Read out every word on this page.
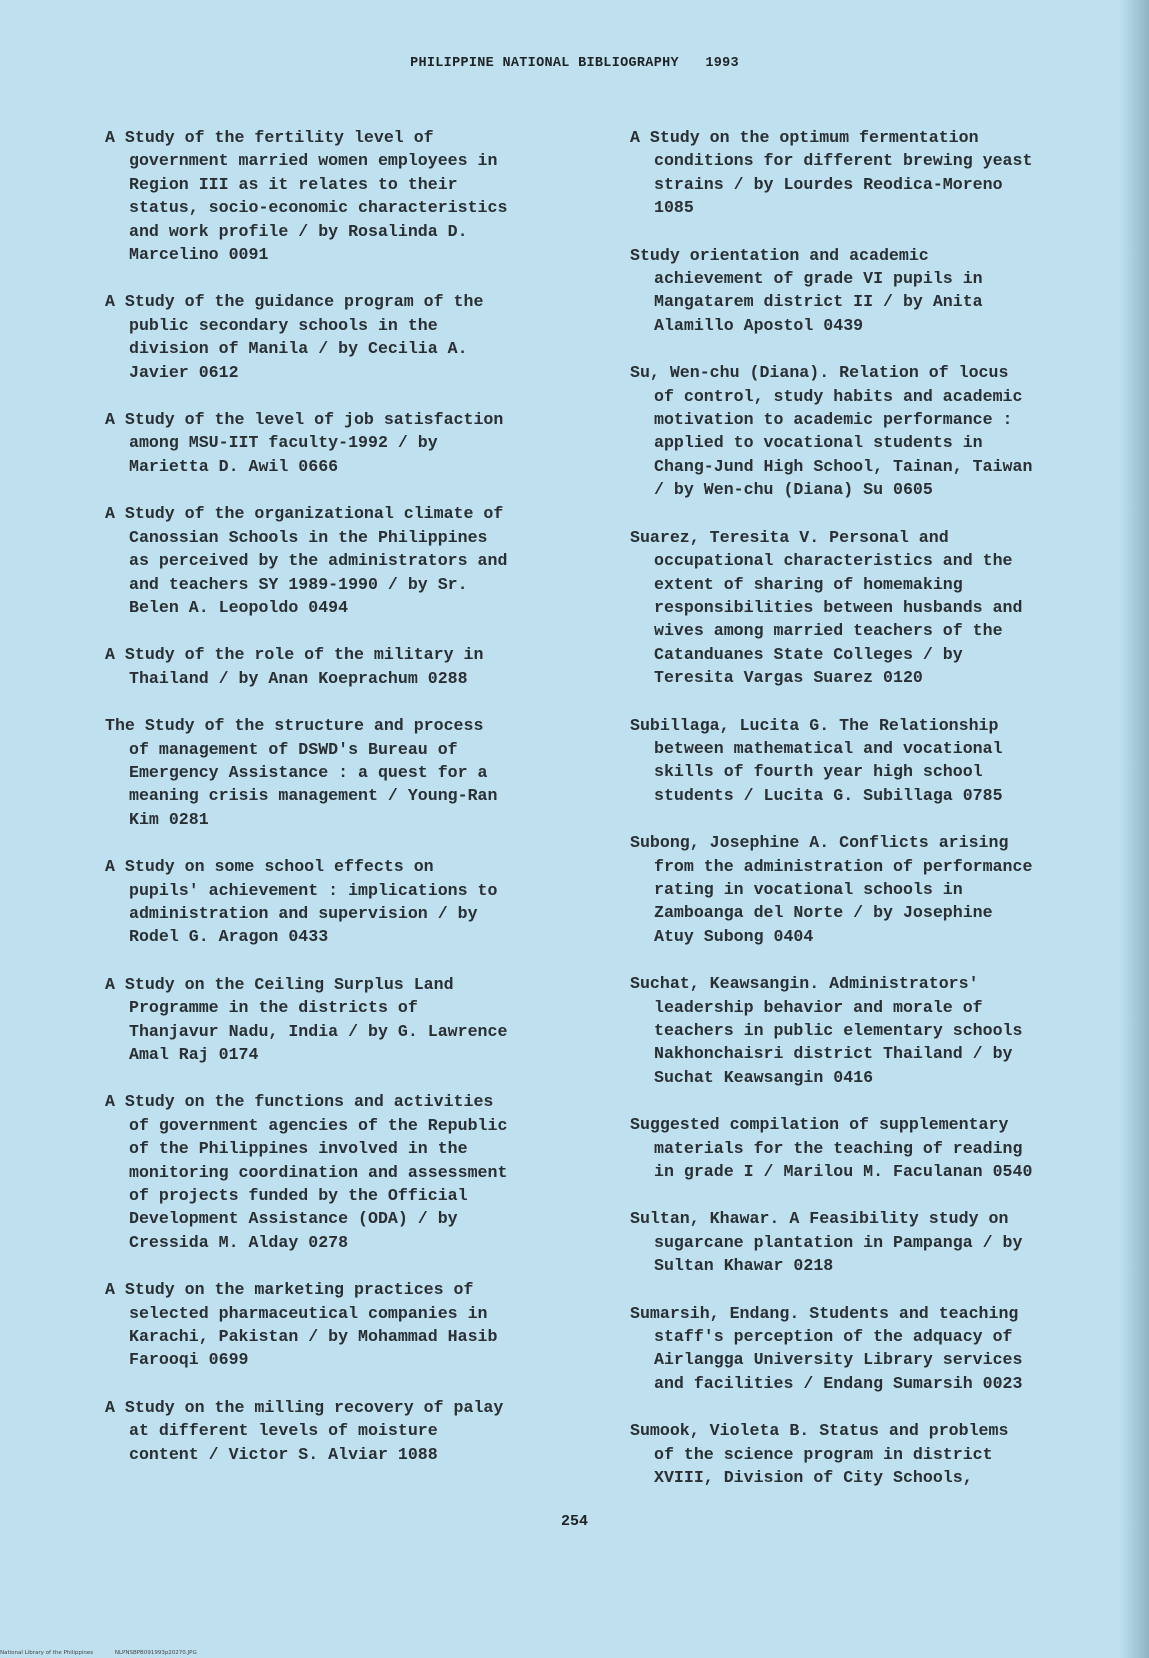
PHILIPPINE NATIONAL BIBLIOGRAPHY 1993

A Study of the fertility level of
government married women employees in
Region III as it relates to their
status, socio-economic characteristics
and work profile / by Rosalinda D.
Marcelino 0091

A Study of the guidance program of the
public secondary schools in the
division of Manila / by Cecilia A.
Javier 0612

A Study of the level of job satisfaction
among MSU-IIT faculty-1992 / by
Marietta D. Awil 0666

A Study of the organizational climate of
Canossian Schools in the Philippines
as perceived by the administrators and
and teachers SY 1989-1990 / by Sr.
Belen A. Leopoldo 0494

A Study of the role of the military in
Thailand / by Anan Koeprachum 0288

The Study of the structure and process
of management of DSWD's Bureau of
Emergency Assistance : a quest for a
meaning crisis management / Young-Ran
Kim 0281

A Study on some school effects on
pupils' achievement : implications to
administration and supervision / by
Rodel G. Aragon 0433

A Study on the Ceiling Surplus Land
Programme in the districts of
Thanjavur Nadu, India / by G. Lawrence
Amal Raj 0174

A Study on the functions and activities
of government agencies of the Republic
of the Philippines involved in the
monitoring coordination and assessment
of projects funded by the Official
Development Assistance (ODA) / by
Cressida M. Alday 0278

A Study on the marketing practices of
selected pharmaceutical companies in
Karachi, Pakistan / by Mohammad Hasib
Farooqi 0699

A Study on the milling recovery of palay
at different levels of moisture
content / Victor S. Alviar 1088

A Study on the optimum fermentation
conditions for different brewing yeast
strains / by Lourdes Reodica-Moreno
1085

Study orientation and academic
achievement of grade VI pupils in
Mangatarem district II / by Anita
Alamillo Apostol 0439

Su, Wen-chu (Diana). Relation of locus
of control, study habits and academic
motivation to academic performance :
applied to vocational students in
Chang-Jund High School, Tainan, Taiwan
/ by Wen-chu (Diana) Su 0605

Suarez, Teresita V. Personal and
occupational characteristics and the
extent of sharing of homemaking
responsibilities between husbands and
wives among married teachers of the
Catanduanes State Colleges / by
Teresita Vargas Suarez 0120

Subillaga, Lucita G. The Relationship
between mathematical and vocational
skills of fourth year high school
students / Lucita G. Subillaga 0785

Subong, Josephine A. Conflicts arising
from the administration of performance
rating in vocational schools in
Zamboanga del Norte / by Josephine
Atuy Subong 0404

Suchat, Keawsangin. Administrators'
leadership behavior and morale of
teachers in public elementary schools
Nakhonchaisri district Thailand / by
Suchat Keawsangin 0416

Suggested compilation of supplementary
materials for the teaching of reading
in grade I / Marilou M. Faculanan 0540

Sultan, Khawar. A Feasibility study on
sugarcane plantation in Pampanga / by
Sultan Khawar 0218

Sumarsih, Endang. Students and teaching
staff's perception of the adquacy of
Airlangga University Library services
and facilities / Endang Sumarsih 0023

Sumook, Violeta B. Status and problems
of the science program in district
XVIII, Division of City Schools,

254
National Library of the Philippines	NLPNSBPB091993p20270.JPG
